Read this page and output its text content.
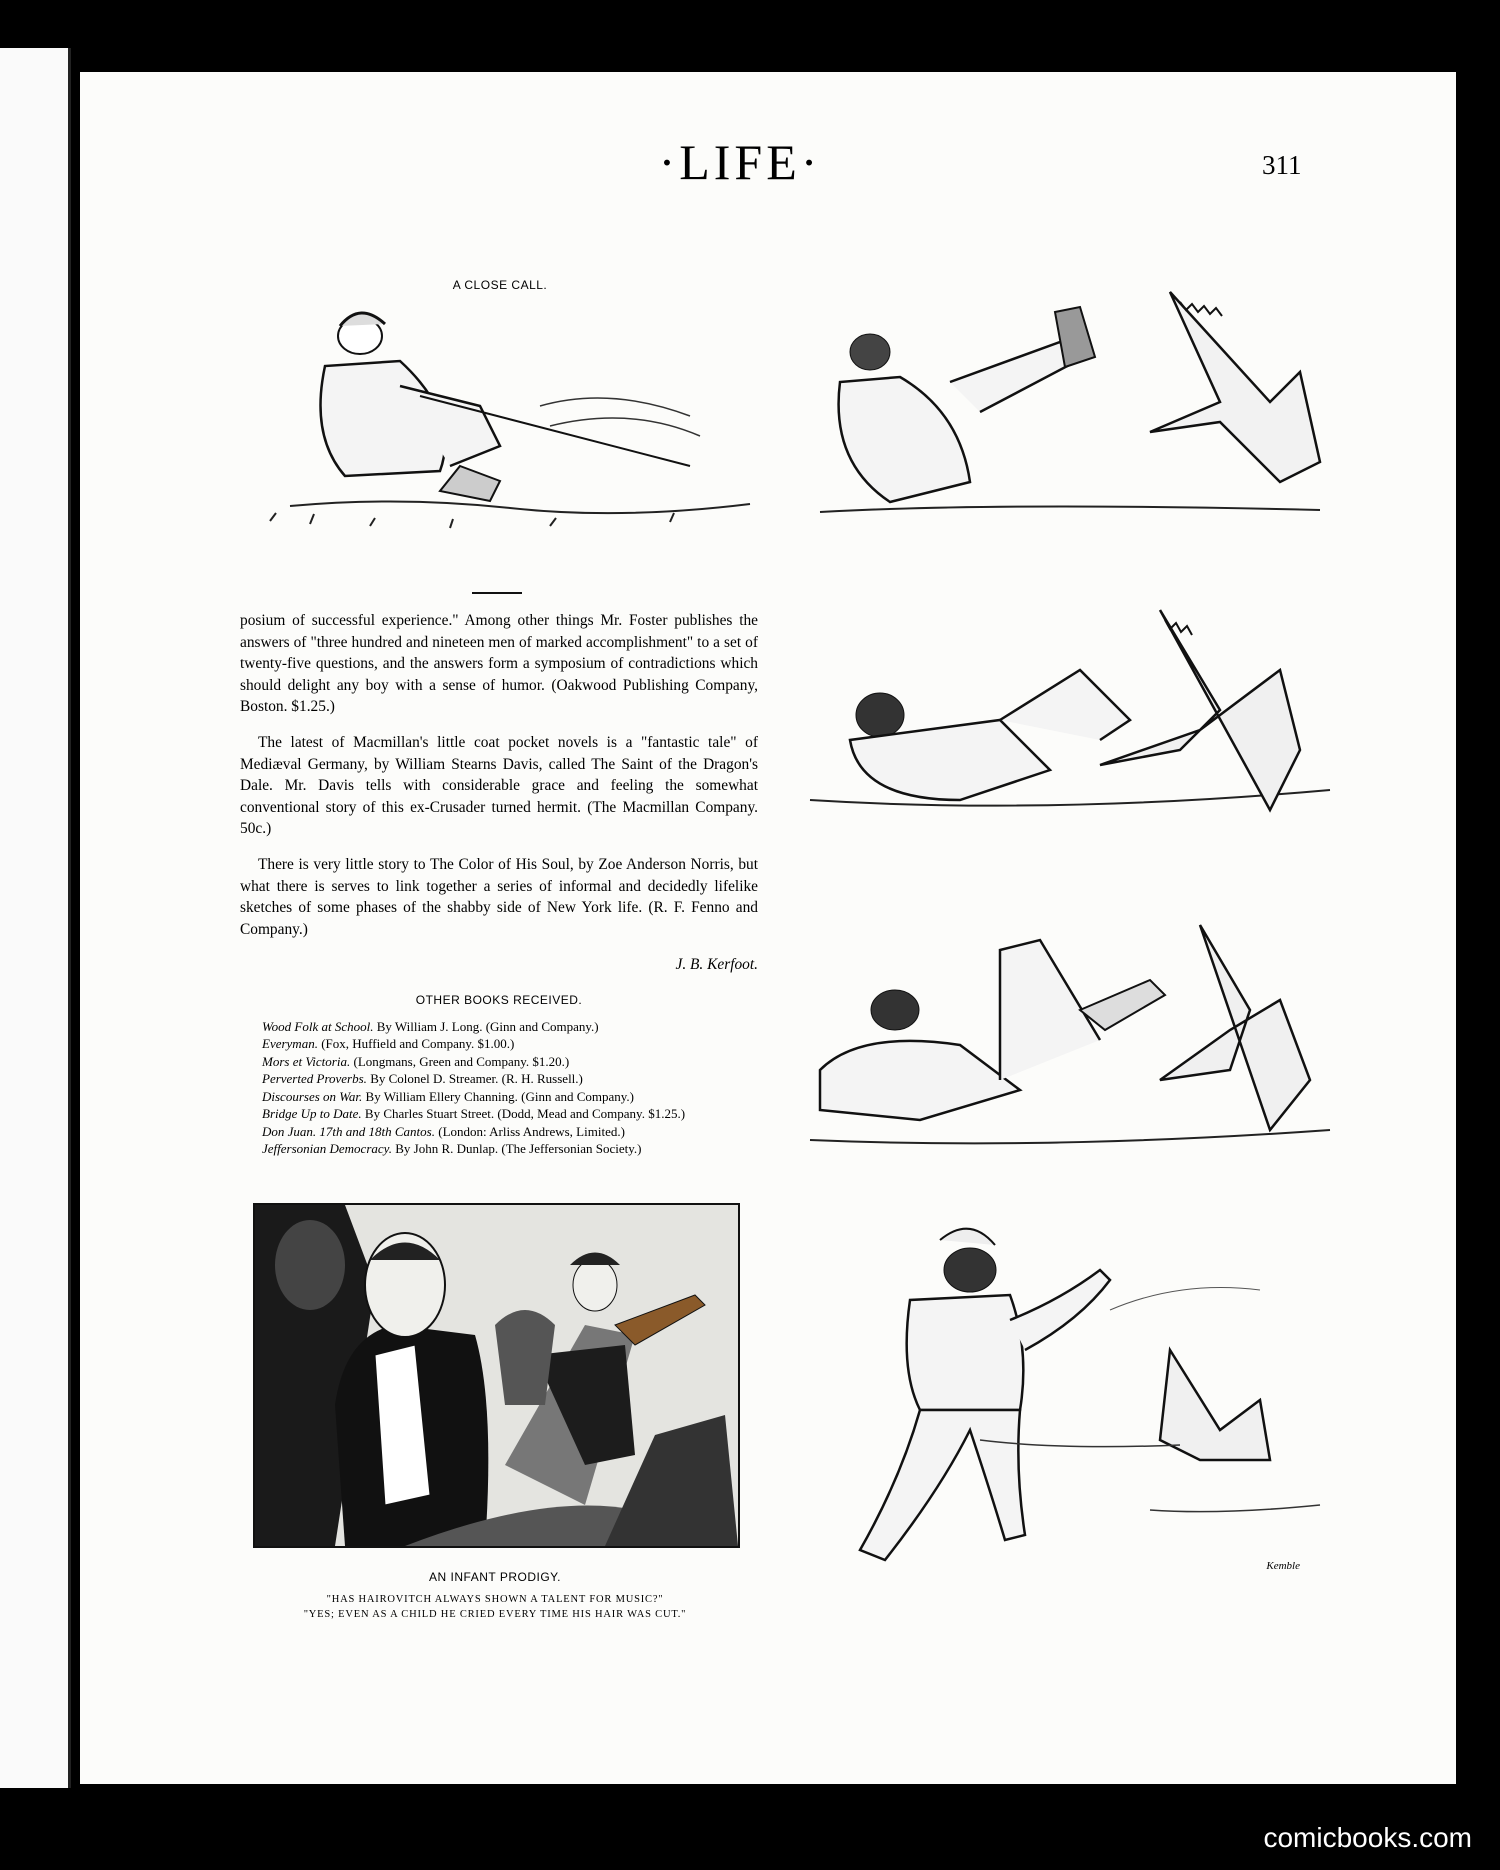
·LIFE·	311
A CLOSE CALL.
Kemble

posium of successful experience." Among other things Mr. Foster publishes the answers of "three hundred and nineteen men of marked accomplishment" to a set of twenty-five questions, and the answers form a symposium of contradictions which should delight any boy with a sense of humor. (Oakwood Publishing Company, Boston. $1.25.)

The latest of Macmillan's little coat pocket novels is a "fantastic tale" of Mediæval Germany, by William Stearns Davis, called The Saint of the Dragon's Dale. Mr. Davis tells with considerable grace and feeling the somewhat conventional story of this ex-Crusader turned hermit. (The Macmillan Company. 50c.)

There is very little story to The Color of His Soul, by Zoe Anderson Norris, but what there is serves to link together a series of informal and decidedly lifelike sketches of some phases of the shabby side of New York life. (R. F. Fenno and Company.)

J. B. Kerfoot.

OTHER BOOKS RECEIVED.
Wood Folk at School. By William J. Long. (Ginn and Company.)
Everyman. (Fox, Huffield and Company. $1.00.)
Mors et Victoria. (Longmans, Green and Company. $1.20.)
Perverted Proverbs. By Colonel D. Streamer. (R. H. Russell.)
Discourses on War. By William Ellery Channing. (Ginn and Company.)
Bridge Up to Date. By Charles Stuart Street. (Dodd, Mead and Company. $1.25.)
Don Juan. 17th and 18th Cantos. (London: Arliss Andrews, Limited.)
Jeffersonian Democracy. By John R. Dunlap. (The Jeffersonian Society.)
AN INFANT PRODIGY.
"HAS HAIROVITCH ALWAYS SHOWN A TALENT FOR MUSIC?"
"YES; EVEN AS A CHILD HE CRIED EVERY TIME HIS HAIR WAS CUT."
comicbooks.com
